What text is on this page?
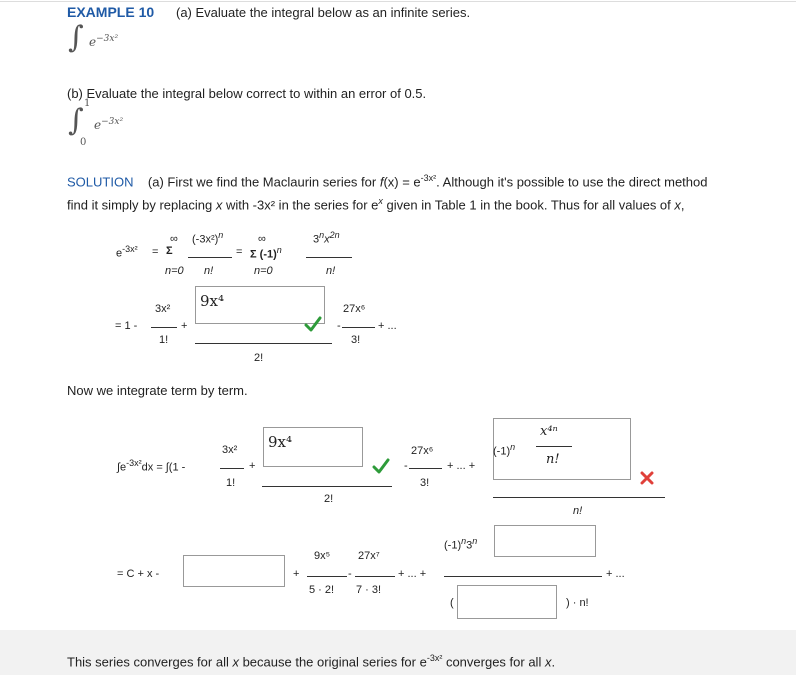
EXAMPLE 10 (a) Evaluate the integral below as an infinite series.
∫ $e^{-3x^2}$
(b) Evaluate the integral below correct to within an error of 0.5.
1
∫
0
$e^{-3x^2}$
SOLUTION (a) First we find the Maclaurin series for $f(x) = e^{-3x^2}$. Although it's possible to use the direct method
find it simply by replacing x with -3x² in the series for $e^x$ given in Table 1 in the book. Thus for all values of x,
∞ $(-3x^2)^n$	∞	$3^nx^{2n}$
$e^{-3x^2} = \Sigma$	= Σ $(-1)^n$
n=0 n!	n=0	n!
3x² 9x⁴	27x⁶
= 1 -	+	-	+ ...
1!	3!
2!
Now we integrate term by term.
x⁴ⁿ
n!
3x² 9x⁴	27x⁶	$(-1)^n$
$\int e^{-3x^2}dx = \int(1$ -	+	-	+ ... +
1!	3!
2!
n!
$(-1)^n3^n$
9x⁵	27x⁷
= C + x -	+	-	+ ... +	+ ...
5 · 2! 7 · 3!
(	) · n!
This series converges for all x because the original series for $e^{-3x^2}$ converges for all x.
